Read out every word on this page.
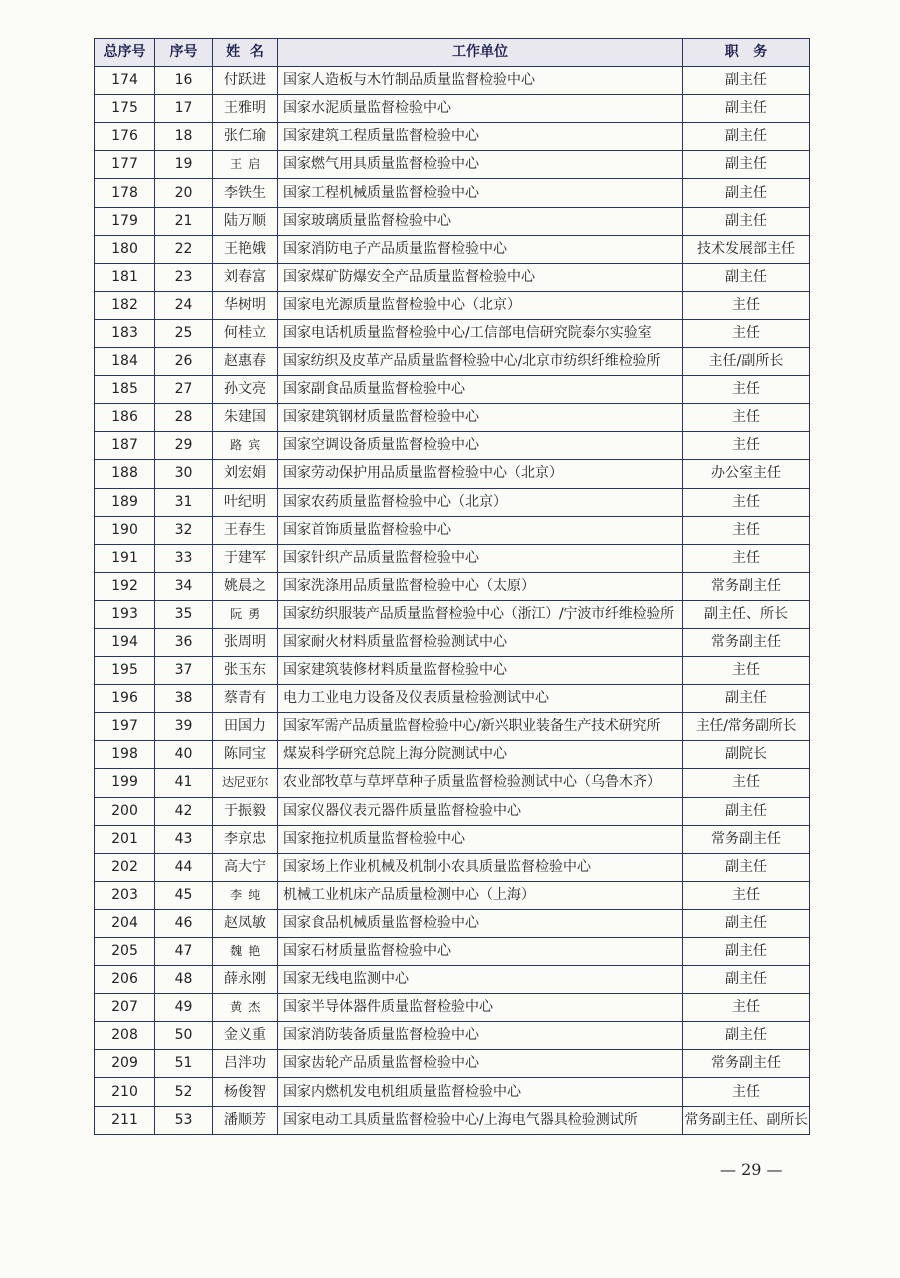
总序号	序号	姓  名	工作单位	职   务
174	16	付跃进	国家人造板与木竹制品质量监督检验中心	副主任
175	17	王雅明	国家水泥质量监督检验中心	副主任
176	18	张仁瑜	国家建筑工程质量监督检验中心	副主任
177	19	王  启	国家燃气用具质量监督检验中心	副主任
178	20	李铁生	国家工程机械质量监督检验中心	副主任
179	21	陆万顺	国家玻璃质量监督检验中心	副主任
180	22	王艳娥	国家消防电子产品质量监督检验中心	技术发展部主任
181	23	刘春富	国家煤矿防爆安全产品质量监督检验中心	副主任
182	24	华树明	国家电光源质量监督检验中心（北京）	主任
183	25	何桂立	国家电话机质量监督检验中心/工信部电信研究院泰尔实验室	主任
184	26	赵惠春	国家纺织及皮革产品质量监督检验中心/北京市纺织纤维检验所	主任/副所长
185	27	孙文亮	国家副食品质量监督检验中心	主任
186	28	朱建国	国家建筑钢材质量监督检验中心	主任
187	29	路  宾	国家空调设备质量监督检验中心	主任
188	30	刘宏娟	国家劳动保护用品质量监督检验中心（北京）	办公室主任
189	31	叶纪明	国家农药质量监督检验中心（北京）	主任
190	32	王春生	国家首饰质量监督检验中心	主任
191	33	于建军	国家针织产品质量监督检验中心	主任
192	34	姚晨之	国家洗涤用品质量监督检验中心（太原）	常务副主任
193	35	阮  勇	国家纺织服装产品质量监督检验中心（浙江）/宁波市纤维检验所	副主任、所长
194	36	张周明	国家耐火材料质量监督检验测试中心	常务副主任
195	37	张玉东	国家建筑装修材料质量监督检验中心	主任
196	38	蔡青有	电力工业电力设备及仪表质量检验测试中心	副主任
197	39	田国力	国家军需产品质量监督检验中心/新兴职业装备生产技术研究所	主任/常务副所长
198	40	陈同宝	煤炭科学研究总院上海分院测试中心	副院长
199	41	达尼亚尔	农业部牧草与草坪草种子质量监督检验测试中心（乌鲁木齐）	主任
200	42	于振毅	国家仪器仪表元器件质量监督检验中心	副主任
201	43	李京忠	国家拖拉机质量监督检验中心	常务副主任
202	44	高大宁	国家场上作业机械及机制小农具质量监督检验中心	副主任
203	45	李  纯	机械工业机床产品质量检测中心（上海）	主任
204	46	赵凤敏	国家食品机械质量监督检验中心	副主任
205	47	魏  艳	国家石材质量监督检验中心	副主任
206	48	薛永刚	国家无线电监测中心	副主任
207	49	黄  杰	国家半导体器件质量监督检验中心	主任
208	50	金义重	国家消防装备质量监督检验中心	副主任
209	51	吕泮功	国家齿轮产品质量监督检验中心	常务副主任
210	52	杨俊智	国家内燃机发电机组质量监督检验中心	主任
211	53	潘顺芳	国家电动工具质量监督检验中心/上海电气器具检验测试所	常务副主任、副所长
— 29 —
